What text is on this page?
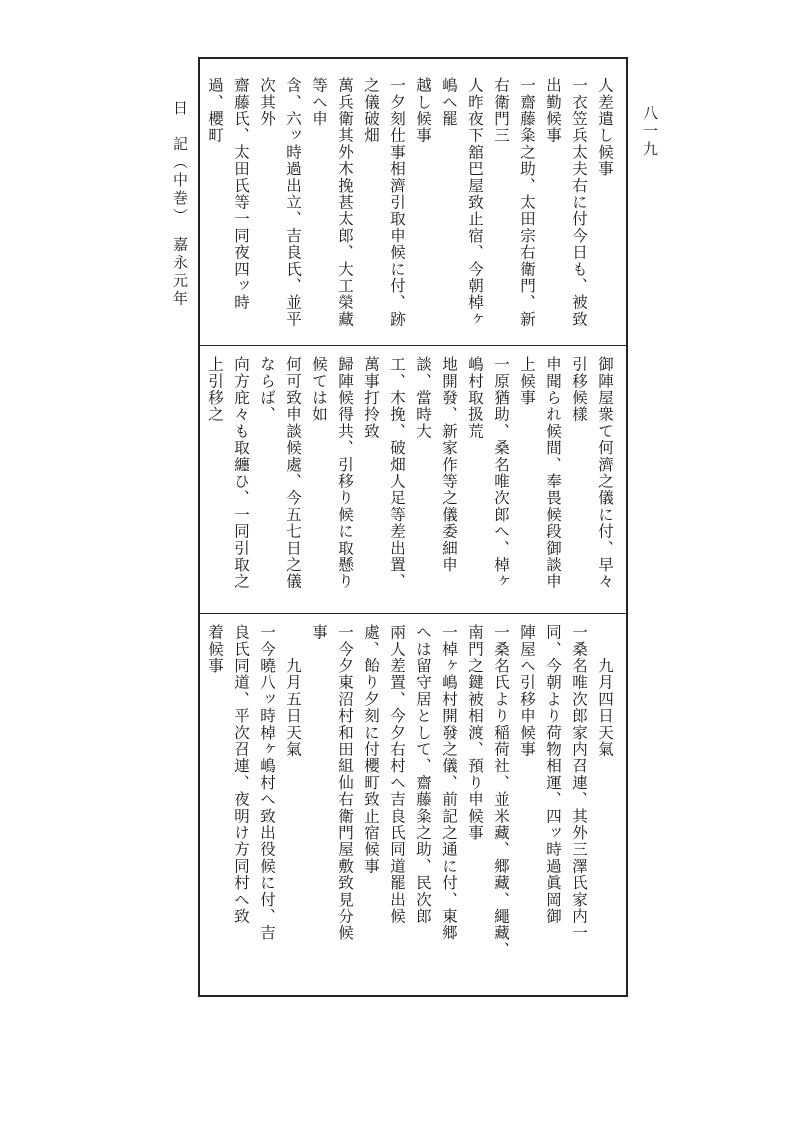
日　記（中巻）　嘉永元年	八一九
人差遣し候事
一衣笠兵太夫右に付今日も、被致出勤候事
一齋藤粂之助、太田宗右衛門、新右衛門三
人昨夜下舘巴屋致止宿、今朝棹ヶ嶋へ罷
越し候事
一夕刻仕事相濟引取申候に付、跡之儀破畑
萬兵衛其外木挽甚太郎、大工榮藏等へ申
含、六ッ時過出立、吉良氏、並平次其外
齋藤氏、太田氏等一同夜四ッ時過、櫻町

御陣屋衆て何濟之儀に付、早々引移候樣
申聞られ候間、奉畏候段御談申上候事
一原猶助、桑名唯次郎へ、棹ヶ嶋村取扱荒
地開發、新家作等之儀委細申談、當時大
工、木挽、破畑人足等差出置、萬事打拎致
歸陣候得共、引移り候に取懸り候ては如
何可致申談候處、今五七日之儀ならば、
向方庇々も取纏ひ、一同引取之上引移之

　　九月四日天氣
一桑名唯次郎家内召連、其外三澤氏家内一
同、今朝より荷物相運、四ッ時過眞岡御
陣屋へ引移申候事
一桑名氏より稲荷社、並米藏、郷藏、繩藏、
南門之鍵被相渡、預り申候事
一棹ヶ嶋村開發之儀、前記之通に付、東郷
へは留守居として、齋藤粂之助、民次郎
兩人差置、今夕右村へ吉良氏同道罷出候
處、飴り夕刻に付櫻町致止宿候事
一今夕東沼村和田組仙右衛門屋敷致見分候
事
　　九月五日天氣
一今曉八ッ時棹ヶ嶋村へ致出役候に付、吉
良氏同道、平次召連、夜明け方同村へ致
着候事
